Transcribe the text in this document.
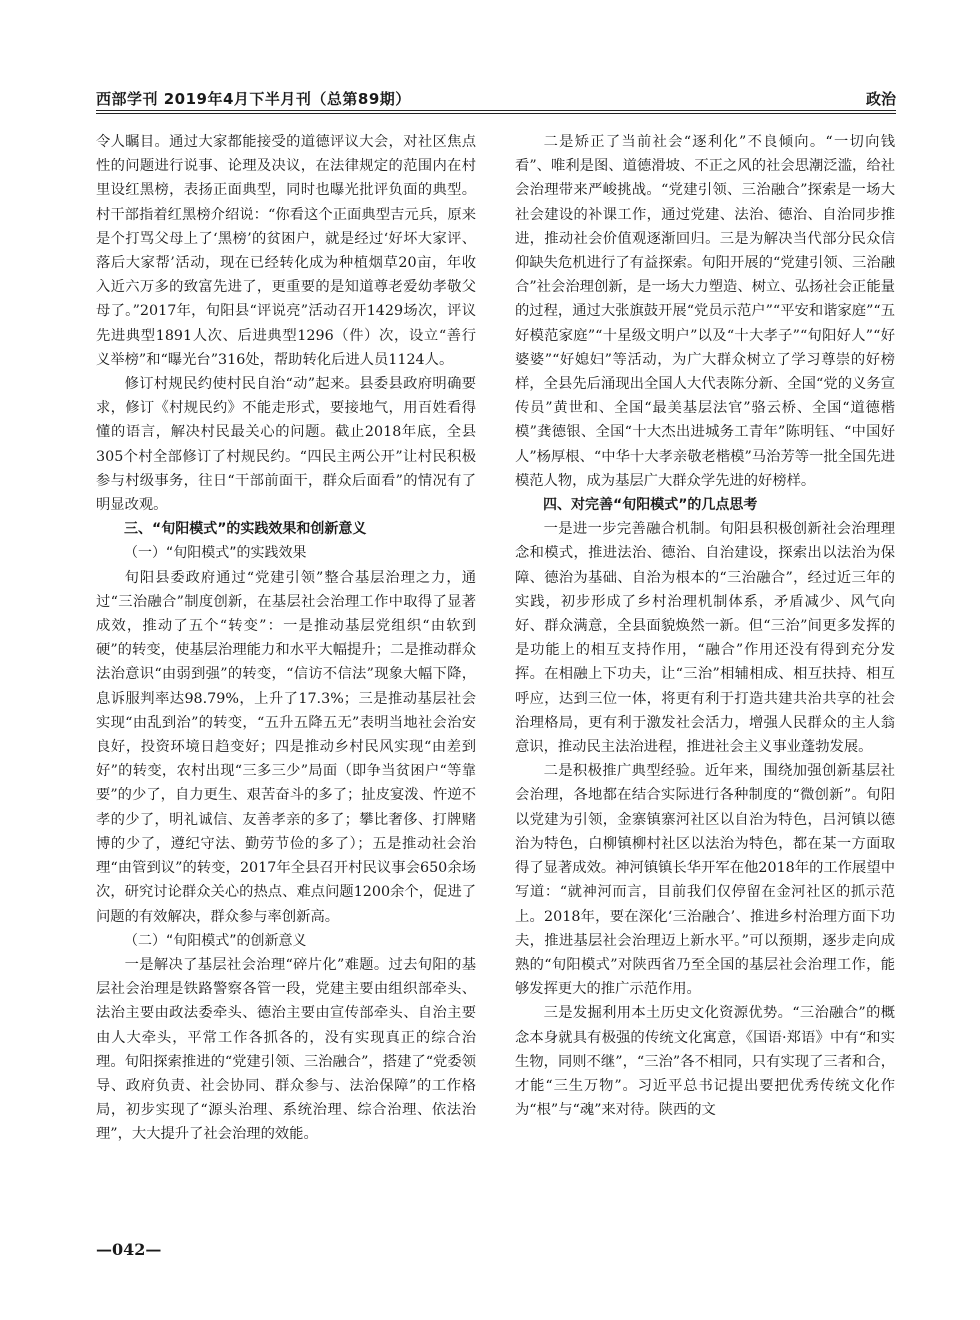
西部学刊 2019年4月下半月刊（总第89期）	政治

令人瞩目。通过大家都能接受的道德评议大会，对社区焦点性的问题进行说事、论理及决议，在法律规定的范围内在村里设红黑榜，表扬正面典型，同时也曝光批评负面的典型。村干部指着红黑榜介绍说：“你看这个正面典型吉元兵，原来是个打骂父母上了‘黑榜’的贫困户，就是经过‘好坏大家评、落后大家帮’活动，现在已经转化成为种植烟草20亩，年收入近六万多的致富先进了，更重要的是知道尊老爱幼孝敬父母了。”2017年，旬阳县“评说亮”活动召开1429场次，评议先进典型1891人次、后进典型1296（件）次，设立“善行义举榜”和“曝光台”316处，帮助转化后进人员1124人。

修订村规民约使村民自治“动”起来。县委县政府明确要求，修订《村规民约》不能走形式，要接地气，用百姓看得懂的语言，解决村民最关心的问题。截止2018年底，全县305个村全部修订了村规民约。“四民主两公开”让村民积极参与村级事务，往日“干部前面干，群众后面看”的情况有了明显改观。

三、“旬阳模式”的实践效果和创新意义
（一）“旬阳模式”的实践效果

旬阳县委政府通过“党建引领”整合基层治理之力，通过“三治融合”制度创新，在基层社会治理工作中取得了显著成效，推动了五个“转变”：一是推动基层党组织“由软到硬”的转变，使基层治理能力和水平大幅提升；二是推动群众法治意识“由弱到强”的转变，“信访不信法”现象大幅下降，息诉服判率达98.79%，上升了17.3%；三是推动基层社会实现“由乱到治”的转变，“五升五降五无”表明当地社会治安良好，投资环境日趋变好；四是推动乡村民风实现“由差到好”的转变，农村出现“三多三少”局面（即争当贫困户“等靠要”的少了，自力更生、艰苦奋斗的多了；扯皮宴泼、忤逆不孝的少了，明礼诚信、友善孝亲的多了；攀比奢侈、打牌赌博的少了，遵纪守法、勤劳节俭的多了）；五是推动社会治理“由管到议”的转变，2017年全县召开村民议事会650余场次，研究讨论群众关心的热点、难点问题1200余个，促进了问题的有效解决，群众参与率创新高。

（二）“旬阳模式”的创新意义

一是解决了基层社会治理“碎片化”难题。过去旬阳的基层社会治理是铁路警察各管一段，党建主要由组织部牵头、法治主要由政法委牵头、德治主要由宣传部牵头、自治主要由人大牵头，平常工作各抓各的，没有实现真正的综合治理。旬阳探索推进的“党建引领、三治融合”，搭建了“党委领导、政府负责、社会协同、群众参与、法治保障”的工作格局，初步实现了“源头治理、系统治理、综合治理、依法治理”，大大提升了社会治理的效能。

二是矫正了当前社会“逐利化”不良倾向。“一切向钱看”、唯利是图、道德滑坡、不正之风的社会思潮泛滥，给社会治理带来严峻挑战。“党建引领、三治融合”探索是一场大社会建设的补课工作，通过党建、法治、德治、自治同步推进，推动社会价值观逐渐回归。三是为解决当代部分民众信仰缺失危机进行了有益探索。旬阳开展的“党建引领、三治融合”社会治理创新，是一场大力塑造、树立、弘扬社会正能量的过程，通过大张旗鼓开展“党员示范户”“平安和谐家庭”“五好模范家庭”“十星级文明户”以及“十大孝子”“旬阳好人”“好婆婆”“好媳妇”等活动，为广大群众树立了学习尊崇的好榜样，全县先后涌现出全国人大代表陈分新、全国“党的义务宣传员”黄世和、全国“最美基层法官”骆云桥、全国“道德楷模”龚德银、全国“十大杰出进城务工青年”陈明钰、“中国好人”杨厚根、“中华十大孝亲敬老楷模”马治芳等一批全国先进模范人物，成为基层广大群众学先进的好榜样。

四、对完善“旬阳模式”的几点思考

一是进一步完善融合机制。旬阳县积极创新社会治理理念和模式，推进法治、德治、自治建设，探索出以法治为保障、德治为基础、自治为根本的“三治融合”，经过近三年的实践，初步形成了乡村治理机制体系，矛盾减少、风气向好、群众满意，全县面貌焕然一新。但“三治”间更多发挥的是功能上的相互支持作用，“融合”作用还没有得到充分发挥。在相融上下功夫，让“三治”相辅相成、相互扶持、相互呼应，达到三位一体，将更有利于打造共建共治共享的社会治理格局，更有利于激发社会活力，增强人民群众的主人翁意识，推动民主法治进程，推进社会主义事业蓬勃发展。

二是积极推广典型经验。近年来，围绕加强创新基层社会治理，各地都在结合实际进行各种制度的“微创新”。旬阳以党建为引领，金寨镇寨河社区以自治为特色，吕河镇以德治为特色，白柳镇柳村社区以法治为特色，都在某一方面取得了显著成效。神河镇镇长华开军在他2018年的工作展望中写道：“就神河而言，目前我们仅停留在金河社区的抓示范上。2018年，要在深化‘三治融合’、推进乡村治理方面下功夫，推进基层社会治理迈上新水平。”可以预期，逐步走向成熟的“旬阳模式”对陕西省乃至全国的基层社会治理工作，能够发挥更大的推广示范作用。

三是发掘利用本土历史文化资源优势。“三治融合”的概念本身就具有极强的传统文化寓意，《国语·郑语》中有“和实生物，同则不继”，“三治”各不相同，只有实现了三者和合，才能“三生万物”。习近平总书记提出要把优秀传统文化作为“根”与“魂”来对待。陕西的文

—042—
